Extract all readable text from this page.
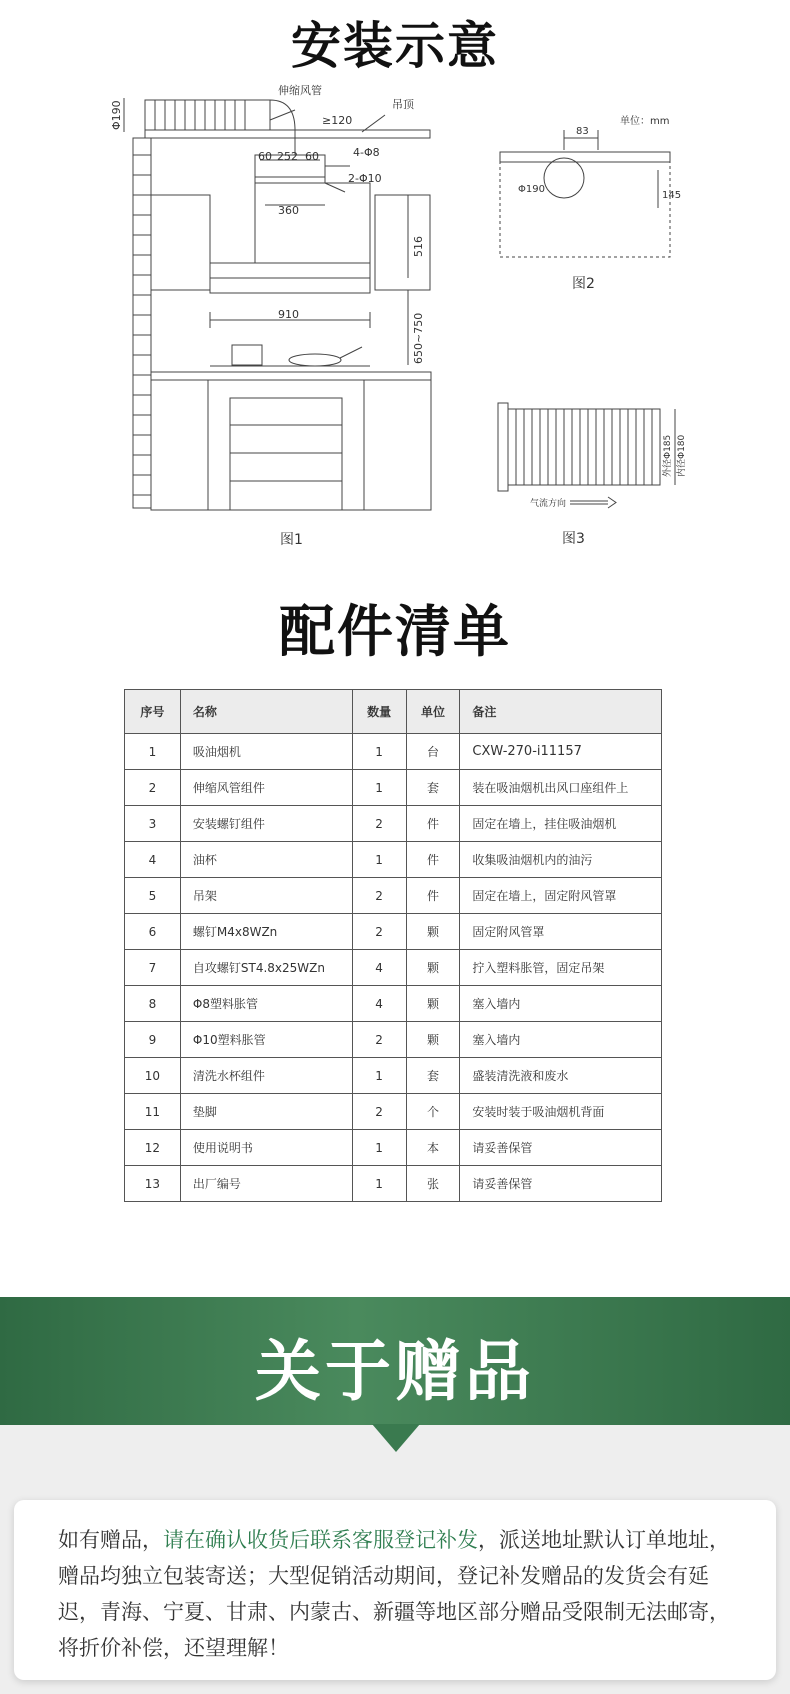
安装示意
伸缩风管
吊顶
Φ190	≥120
60 252 60	4-Φ8
2-Φ10
360
516
910	650~750
图1
单位：mm
83
Φ190
145
图2
外径Φ185 内径Φ180
气流方向
图3
配件清单
序号	名称	数量	单位	备注
1	吸油烟机	1	台	CXW-270-i11157
2	伸缩风管组件	1	套	装在吸油烟机出风口座组件上
3	安装螺钉组件	2	件	固定在墙上，挂住吸油烟机
4	油杯	1	件	收集吸油烟机内的油污
5	吊架	2	件	固定在墙上，固定附风管罩
6	螺钉M4x8WZn	2	颗	固定附风管罩
7	自攻螺钉ST4.8x25WZn	4	颗	拧入塑料胀管，固定吊架
8	Φ8塑料胀管	4	颗	塞入墙内
9	Φ10塑料胀管	2	颗	塞入墙内
10	清洗水杯组件	1	套	盛装清洗液和废水
11	垫脚	2	个	安装时装于吸油烟机背面
12	使用说明书	1	本	请妥善保管
13	出厂编号	1	张	请妥善保管
关于赠品

如有赠品，请在确认收货后联系客服登记补发，派送地址默认订单地址，赠品均独立包装寄送；大型促销活动期间，登记补发赠品的发货会有延迟，青海、宁夏、甘肃、内蒙古、新疆等地区部分赠品受限制无法邮寄，将折价补偿，还望理解！
